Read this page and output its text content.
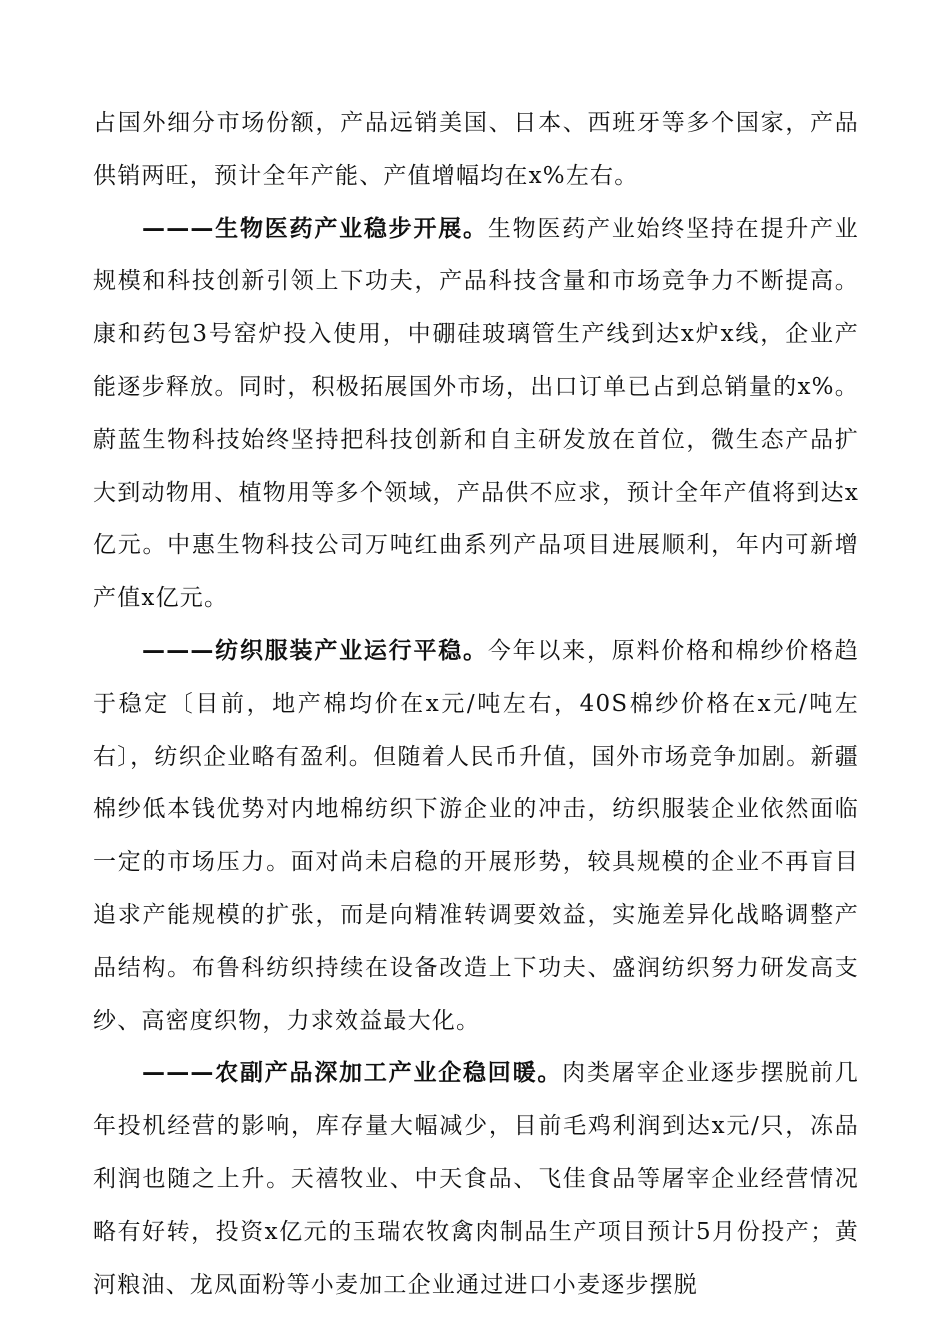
占国外细分市场份额，产品远销美国、日本、西班牙等多个国家，产品供销两旺，预计全年产能、产值增幅均在x%左右。

———生物医药产业稳步开展。生物医药产业始终坚持在提升产业规模和科技创新引领上下功夫，产品科技含量和市场竞争力不断提高。康和药包3号窑炉投入使用，中硼硅玻璃管生产线到达x炉x线，企业产能逐步释放。同时，积极拓展国外市场，出口订单已占到总销量的x%。蔚蓝生物科技始终坚持把科技创新和自主研发放在首位，微生态产品扩大到动物用、植物用等多个领域，产品供不应求，预计全年产值将到达x亿元。中惠生物科技公司万吨红曲系列产品项目进展顺利，年内可新增产值x亿元。

———纺织服装产业运行平稳。今年以来，原料价格和棉纱价格趋于稳定〔目前，地产棉均价在x元/吨左右，40S棉纱价格在x元/吨左右〕，纺织企业略有盈利。但随着人民币升值，国外市场竞争加剧。新疆棉纱低本钱优势对内地棉纺织下游企业的冲击，纺织服装企业依然面临一定的市场压力。面对尚未启稳的开展形势，较具规模的企业不再盲目追求产能规模的扩张，而是向精准转调要效益，实施差异化战略调整产品结构。布鲁科纺织持续在设备改造上下功夫、盛润纺织努力研发高支纱、高密度织物，力求效益最大化。

———农副产品深加工产业企稳回暖。肉类屠宰企业逐步摆脱前几年投机经营的影响，库存量大幅减少，目前毛鸡利润到达x元/只，冻品利润也随之上升。天禧牧业、中天食品、飞佳食品等屠宰企业经营情况略有好转，投资x亿元的玉瑞农牧禽肉制品生产项目预计5月份投产；黄河粮油、龙凤面粉等小麦加工企业通过进口小麦逐步摆脱
